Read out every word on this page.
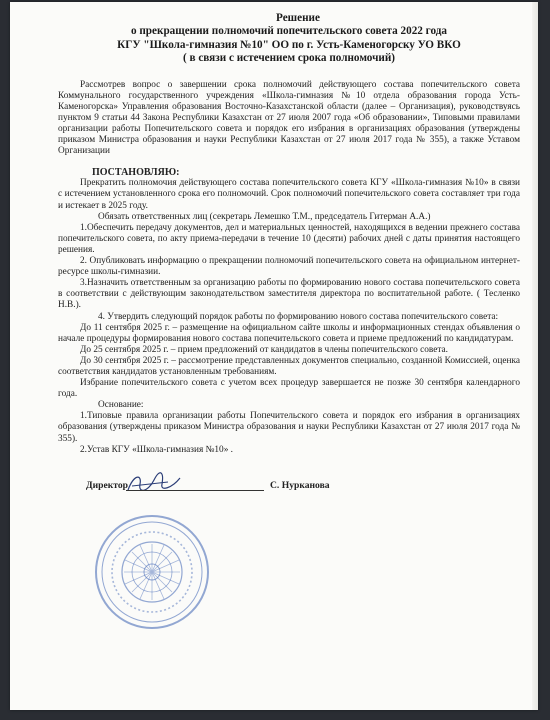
Решение
о прекращении полномочий попечительского совета 2022 года
КГУ "Школа-гимназия №10" ОО по г. Усть-Каменогорску УО ВКО
( в связи с истечением срока полномочий)

Рассмотрев вопрос о завершении срока полномочий действующего состава попечительского совета Коммунального государственного учреждения «Школа-гимназия №10 отдела образования города Усть-Каменогорска» Управления образования Восточно-Казахстанской области (далее – Организация), руководствуясь пунктом 9 статьи 44 Закона Республики Казахстан от 27 июля 2007 года «Об образовании», Типовыми правилами организации работы Попечительского совета и порядок его избрания в организациях образования (утверждены приказом Министра образования и науки Республики Казахстан от 27 июля 2017 года № 355), а также Уставом Организации

ПОСТАНОВЛЯЮ:

Прекратить полномочия действующего состава попечительского совета КГУ «Школа-гимназия №10» в связи с истечением установленного срока его полномочий. Срок полномочий попечительского совета составляет три года и истекает в 2025 году.

Обязать ответственных лиц (секретарь Лемешко Т.М., председатель Гитерман А.А.)

1.Обеспечить передачу документов, дел и материальных ценностей, находящихся в ведении прежнего состава попечительского совета, по акту приема-передачи в течение 10 (десяти) рабочих дней с даты принятия настоящего решения.

2. Опубликовать информацию о прекращении полномочий попечительского совета на официальном интернет-ресурсе школы-гимназии.

3.Назначить ответственным за организацию работы по формированию нового состава попечительского совета в соответствии с действующим законодательством заместителя директора по воспитательной работе. ( Тесленко Н.В.).

4. Утвердить следующий порядок работы по формированию нового состава попечительского совета:

До 11 сентября 2025 г. – размещение на официальном сайте школы и информационных стендах объявления о начале процедуры формирования нового состава попечительского совета и приеме предложений по кандидатурам.

До 25 сентября 2025 г. – прием предложений от кандидатов в члены попечительского совета.

До 30 сентября 2025 г. – рассмотрение представленных документов специально, созданной Комиссией, оценка соответствия кандидатов установленным требованиям.

Избрание попечительского совета с учетом всех процедур завершается не позже 30 сентября календарного года.

Основание:

1.Типовые правила организации работы Попечительского совета и порядок его избрания в организациях образования (утверждены приказом Министра образования и науки Республики Казахстан от 27 июля 2017 года № 355).

2.Устав КГУ «Школа-гимназия №10» .

Директор	С. Нурканова
